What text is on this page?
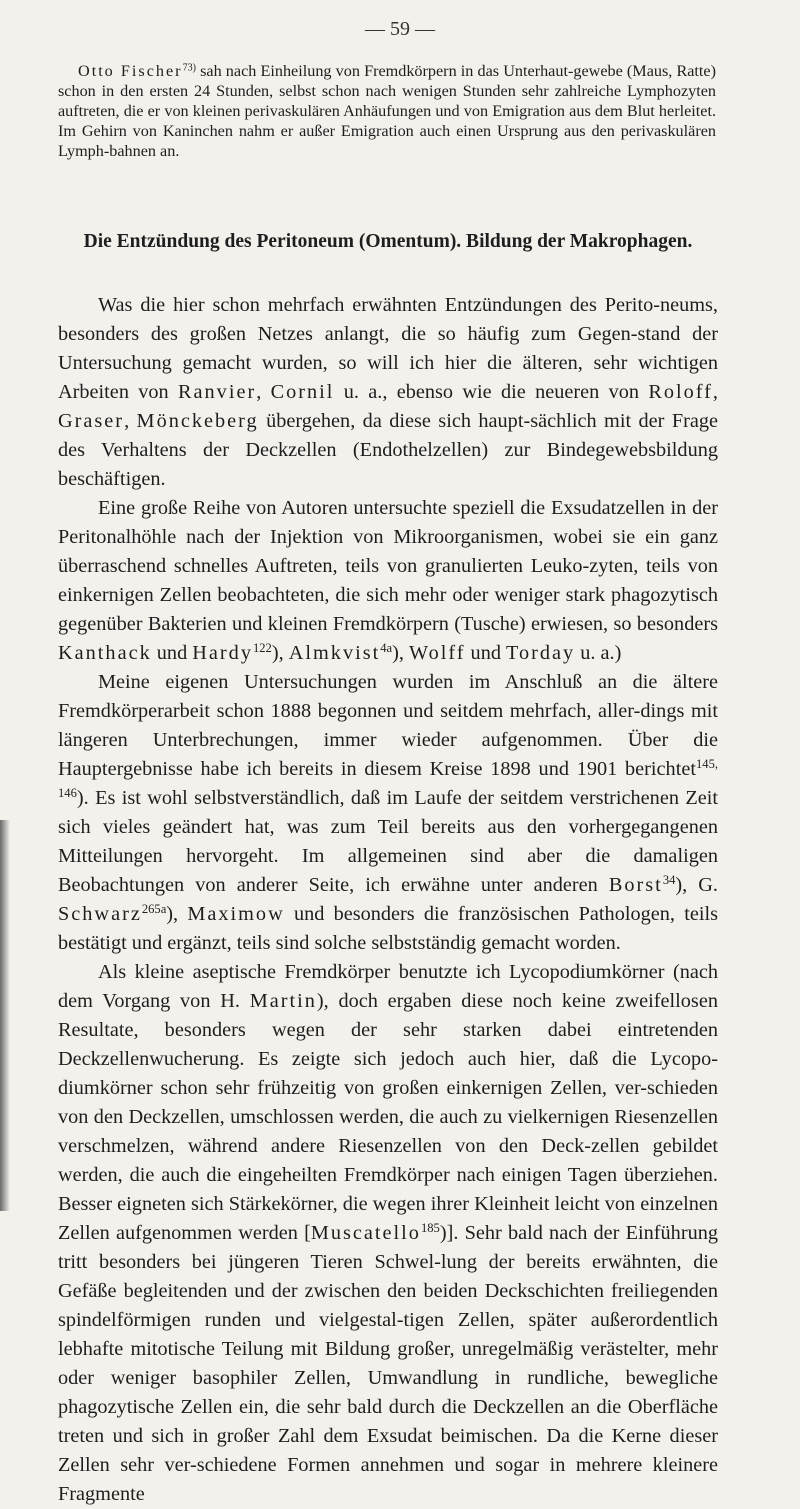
— 59 —

Otto Fischer$^{73)}$ sah nach Einheilung von Fremdkörpern in das Unterhaut-gewebe (Maus, Ratte) schon in den ersten 24 Stunden, selbst schon nach wenigen Stunden sehr zahlreiche Lymphozyten auftreten, die er von kleinen perivaskulären Anhäufungen und von Emigration aus dem Blut herleitet. Im Gehirn von Kaninchen nahm er außer Emigration auch einen Ursprung aus den perivaskulären Lymph-bahnen an.

Die Entzündung des Peritoneum (Omentum). Bildung der Makrophagen.

Was die hier schon mehrfach erwähnten Entzündungen des Perito-neums, besonders des großen Netzes anlangt, die so häufig zum Gegen-stand der Untersuchung gemacht wurden, so will ich hier die älteren, sehr wichtigen Arbeiten von Ranvier, Cornil u. a., ebenso wie die neueren von Roloff, Graser, Mönckeberg übergehen, da diese sich haupt-sächlich mit der Frage des Verhaltens der Deckzellen (Endothelzellen) zur Bindegewebsbildung beschäftigen.

Eine große Reihe von Autoren untersuchte speziell die Exsudatzellen in der Peritonalhöhle nach der Injektion von Mikroorganismen, wobei sie ein ganz überraschend schnelles Auftreten, teils von granulierten Leuko-zyten, teils von einkernigen Zellen beobachteten, die sich mehr oder weniger stark phagozytisch gegenüber Bakterien und kleinen Fremdkörpern (Tusche) erwiesen, so besonders Kanthack und Hardy$^{122}$), Almkvist$^{4a}$), Wolff und Torday u. a.)

Meine eigenen Untersuchungen wurden im Anschluß an die ältere Fremdkörperarbeit schon 1888 begonnen und seitdem mehrfach, aller-dings mit längeren Unterbrechungen, immer wieder aufgenommen. Über die Hauptergebnisse habe ich bereits in diesem Kreise 1898 und 1901 berichtet$^{145, 146}$). Es ist wohl selbstverständlich, daß im Laufe der seitdem verstrichenen Zeit sich vieles geändert hat, was zum Teil bereits aus den vorhergegangenen Mitteilungen hervorgeht. Im allgemeinen sind aber die damaligen Beobachtungen von anderer Seite, ich erwähne unter anderen Borst$^{34}$), G. Schwarz$^{265a}$), Maximow und besonders die französischen Pathologen, teils bestätigt und ergänzt, teils sind solche selbstständig gemacht worden.

Als kleine aseptische Fremdkörper benutzte ich Lycopodiumkörner (nach dem Vorgang von H. Martin), doch ergaben diese noch keine zweifellosen Resultate, besonders wegen der sehr starken dabei eintretenden Deckzellenwucherung. Es zeigte sich jedoch auch hier, daß die Lycopo-diumkörner schon sehr frühzeitig von großen einkernigen Zellen, ver-schieden von den Deckzellen, umschlossen werden, die auch zu vielkernigen Riesenzellen verschmelzen, während andere Riesenzellen von den Deck-zellen gebildet werden, die auch die eingeheilten Fremdkörper nach einigen Tagen überziehen. Besser eigneten sich Stärkekörner, die wegen ihrer Kleinheit leicht von einzelnen Zellen aufgenommen werden [Muscatello$^{185}$)]. Sehr bald nach der Einführung tritt besonders bei jüngeren Tieren Schwel-lung der bereits erwähnten, die Gefäße begleitenden und der zwischen den beiden Deckschichten freiliegenden spindelförmigen runden und vielgestal-tigen Zellen, später außerordentlich lebhafte mitotische Teilung mit Bildung großer, unregelmäßig verästelter, mehr oder weniger basophiler Zellen, Umwandlung in rundliche, bewegliche phagozytische Zellen ein, die sehr bald durch die Deckzellen an die Oberfläche treten und sich in großer Zahl dem Exsudat beimischen. Da die Kerne dieser Zellen sehr ver-schiedene Formen annehmen und sogar in mehrere kleinere Fragmente
